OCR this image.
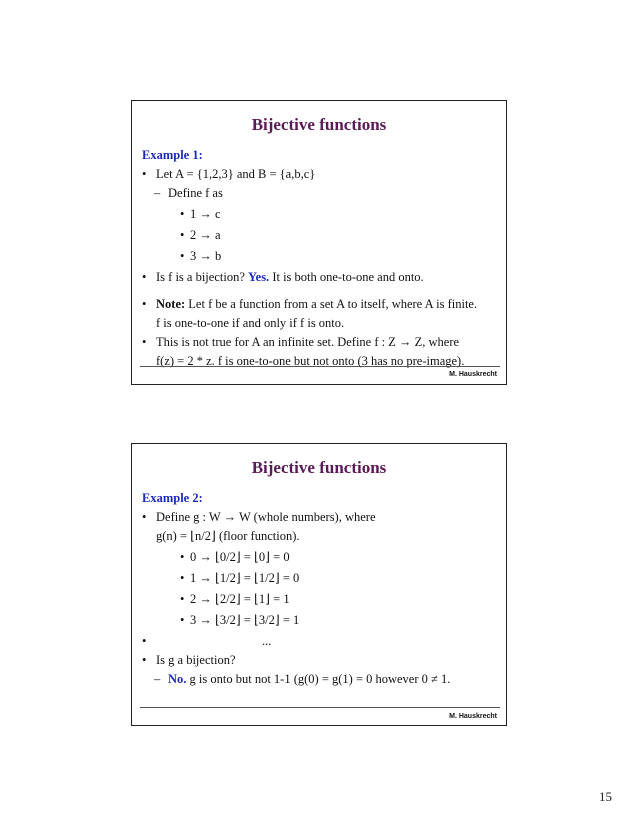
Bijective functions
Example 1:
• Let A = {1,2,3} and B = {a,b,c}
– Define f as
• 1 → c
• 2 → a
• 3 → b
• Is f is a bijection? Yes. It is both one-to-one and onto.
• Note: Let f be a function from a set A to itself, where A is finite.
f is one-to-one if and only if f is onto.
• This is not true for A an infinite set. Define f : Z → Z, where
f(z) = 2 * z. f is one-to-one but not onto (3 has no pre-image).
M. Hauskrecht
Bijective functions
Example 2:
• Define g : W → W (whole numbers), where
g(n) = ⌊n/2⌋ (floor function).
• 0 → ⌊0/2⌋ = ⌊0⌋ = 0
• 1 → ⌊1/2⌋ = ⌊1/2⌋ = 0
• 2 → ⌊2/2⌋ = ⌊1⌋ = 1
• 3 → ⌊3/2⌋ = ⌊3/2⌋ = 1
• ...
• Is g a bijection?
– No. g is onto but not 1-1 (g(0) = g(1) = 0 however 0 ≠ 1.
M. Hauskrecht
15
